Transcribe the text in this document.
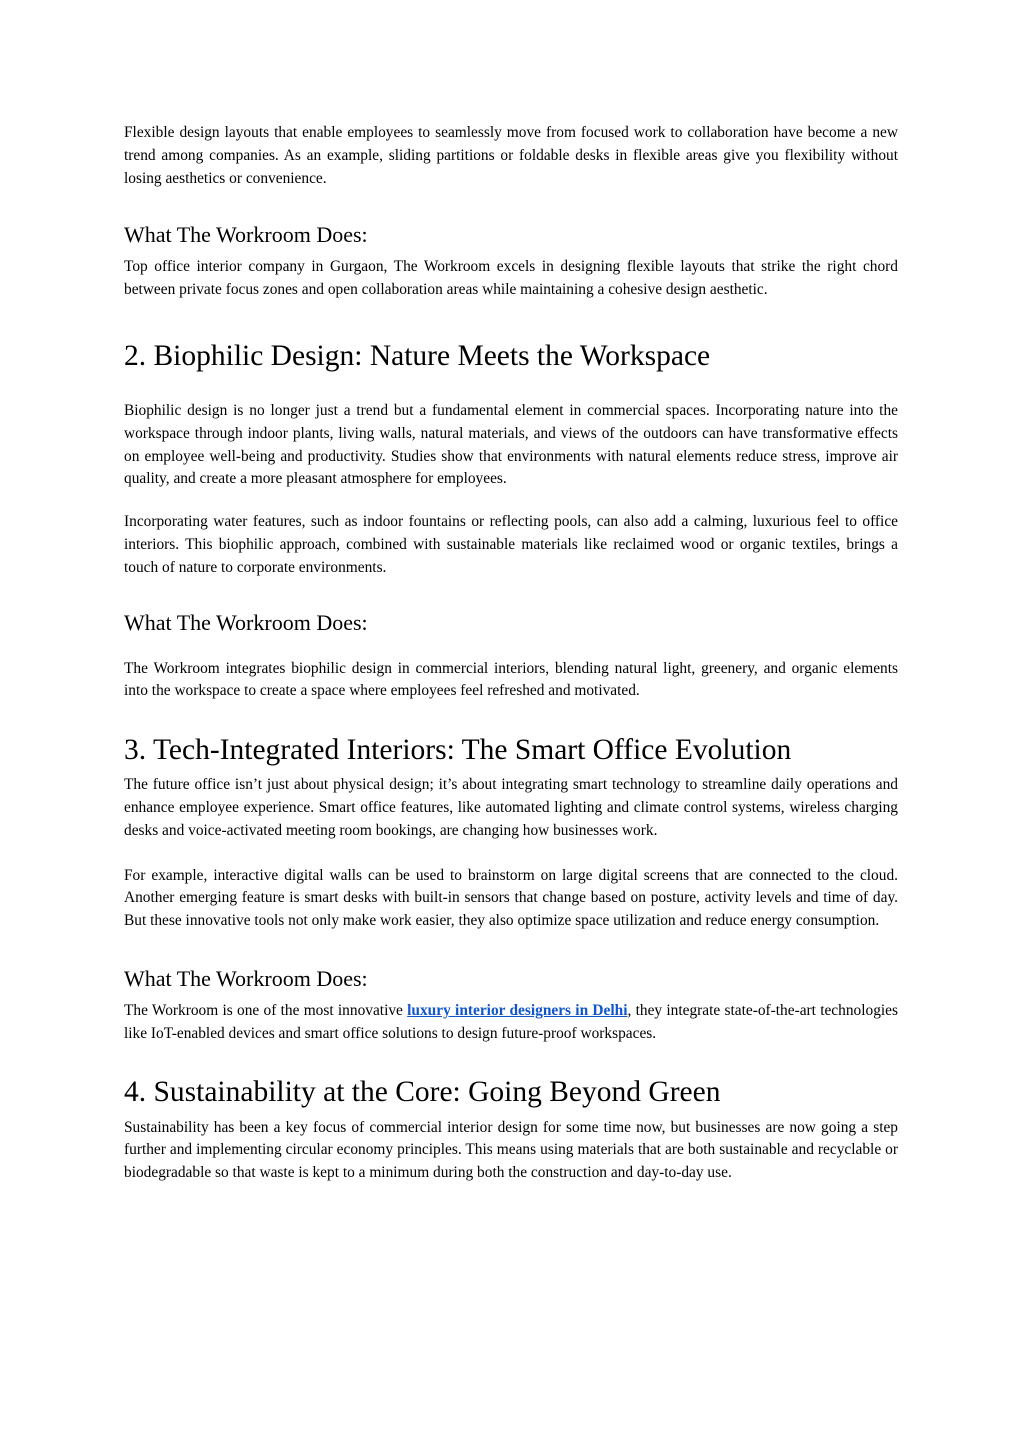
Flexible design layouts that enable employees to seamlessly move from focused work to collaboration have become a new trend among companies. As an example, sliding partitions or foldable desks in flexible areas give you flexibility without losing aesthetics or convenience.

What The Workroom Does:

Top office interior company in Gurgaon, The Workroom excels in designing flexible layouts that strike the right chord between private focus zones and open collaboration areas while maintaining a cohesive design aesthetic.

2. Biophilic Design: Nature Meets the Workspace

Biophilic design is no longer just a trend but a fundamental element in commercial spaces. Incorporating nature into the workspace through indoor plants, living walls, natural materials, and views of the outdoors can have transformative effects on employee well-being and productivity. Studies show that environments with natural elements reduce stress, improve air quality, and create a more pleasant atmosphere for employees.

Incorporating water features, such as indoor fountains or reflecting pools, can also add a calming, luxurious feel to office interiors. This biophilic approach, combined with sustainable materials like reclaimed wood or organic textiles, brings a touch of nature to corporate environments.

What The Workroom Does:

The Workroom integrates biophilic design in commercial interiors, blending natural light, greenery, and organic elements into the workspace to create a space where employees feel refreshed and motivated.

3. Tech-Integrated Interiors: The Smart Office Evolution

The future office isn’t just about physical design; it’s about integrating smart technology to streamline daily operations and enhance employee experience. Smart office features, like automated lighting and climate control systems, wireless charging desks and voice-activated meeting room bookings, are changing how businesses work.

For example, interactive digital walls can be used to brainstorm on large digital screens that are connected to the cloud. Another emerging feature is smart desks with built-in sensors that change based on posture, activity levels and time of day. But these innovative tools not only make work easier, they also optimize space utilization and reduce energy consumption.

What The Workroom Does:

The Workroom is one of the most innovative luxury interior designers in Delhi, they integrate state-of-the-art technologies like IoT-enabled devices and smart office solutions to design future-proof workspaces.

4. Sustainability at the Core: Going Beyond Green

Sustainability has been a key focus of commercial interior design for some time now, but businesses are now going a step further and implementing circular economy principles. This means using materials that are both sustainable and recyclable or biodegradable so that waste is kept to a minimum during both the construction and day-to-day use.
